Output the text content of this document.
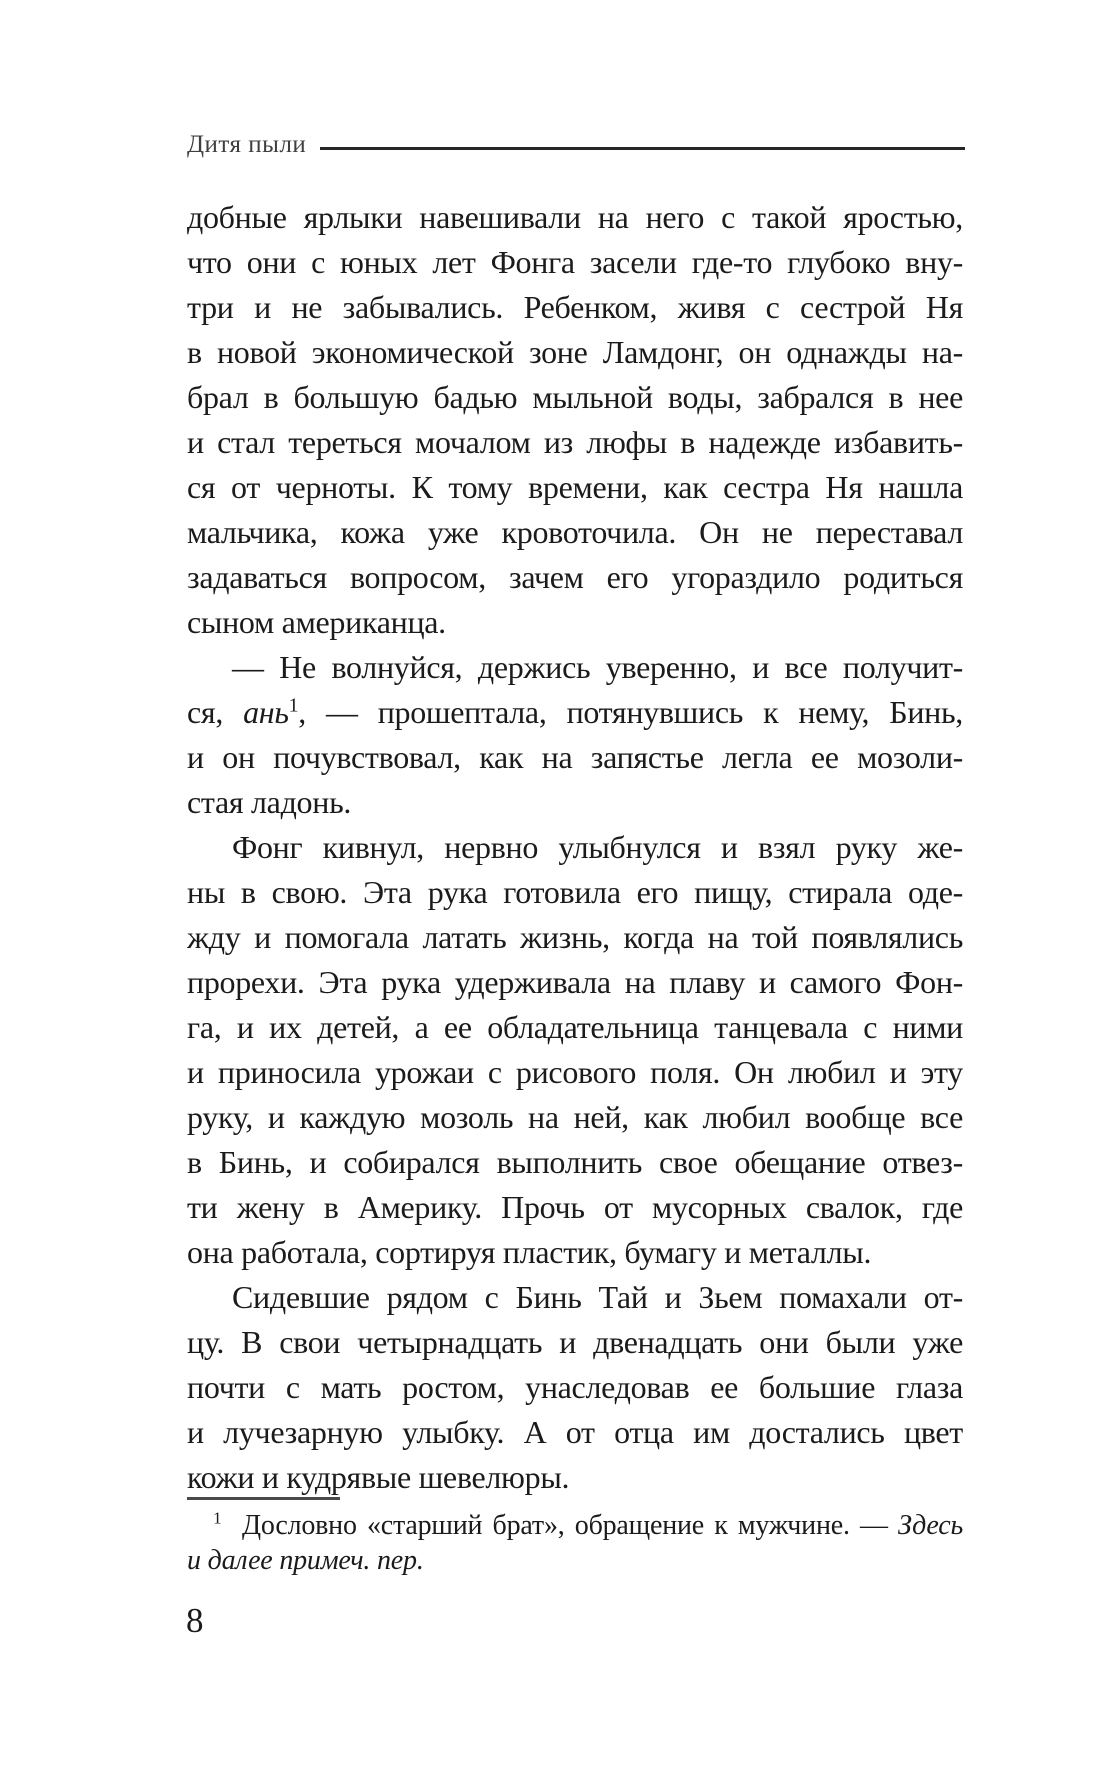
Дитя пыли
добные ярлыки навешивали на него с такой яростью,
что они с юных лет Фонга засели где-то глубоко вну-
три и не забывались. Ребенком, живя с сестрой Ня
в новой экономической зоне Ламдонг, он однажды на-
брал в большую бадью мыльной воды, забрался в нее
и стал тереться мочалом из люфы в надежде избавить-
ся от черноты. К тому времени, как сестра Ня нашла
мальчика, кожа уже кровоточила. Он не переставал
задаваться вопросом, зачем его угораздило родиться
сыном американца.
— Не волнуйся, держись уверенно, и все получит-
ся, ань$^1$, — прошептала, потянувшись к нему, Бинь,
и он почувствовал, как на запястье легла ее мозоли-
стая ладонь.
Фонг кивнул, нервно улыбнулся и взял руку же-
ны в свою. Эта рука готовила его пищу, стирала оде-
жду и помогала латать жизнь, когда на той появлялись
прорехи. Эта рука удерживала на плаву и самого Фон-
га, и их детей, а ее обладательница танцевала с ними
и приносила урожаи с рисового поля. Он любил и эту
руку, и каждую мозоль на ней, как любил вообще все
в Бинь, и собирался выполнить свое обещание отвез-
ти жену в Америку. Прочь от мусорных свалок, где
она работала, сортируя пластик, бумагу и металлы.
Сидевшие рядом с Бинь Тай и Зьем помахали от-
цу. В свои четырнадцать и двенадцать они были уже
почти с мать ростом, унаследовав ее большие глаза
и лучезарную улыбку. А от отца им достались цвет
кожи и кудрявые шевелюры.
$^1$  Дословно «старший брат», обращение к мужчине. — Здесь
и далее примеч. пер.
8
